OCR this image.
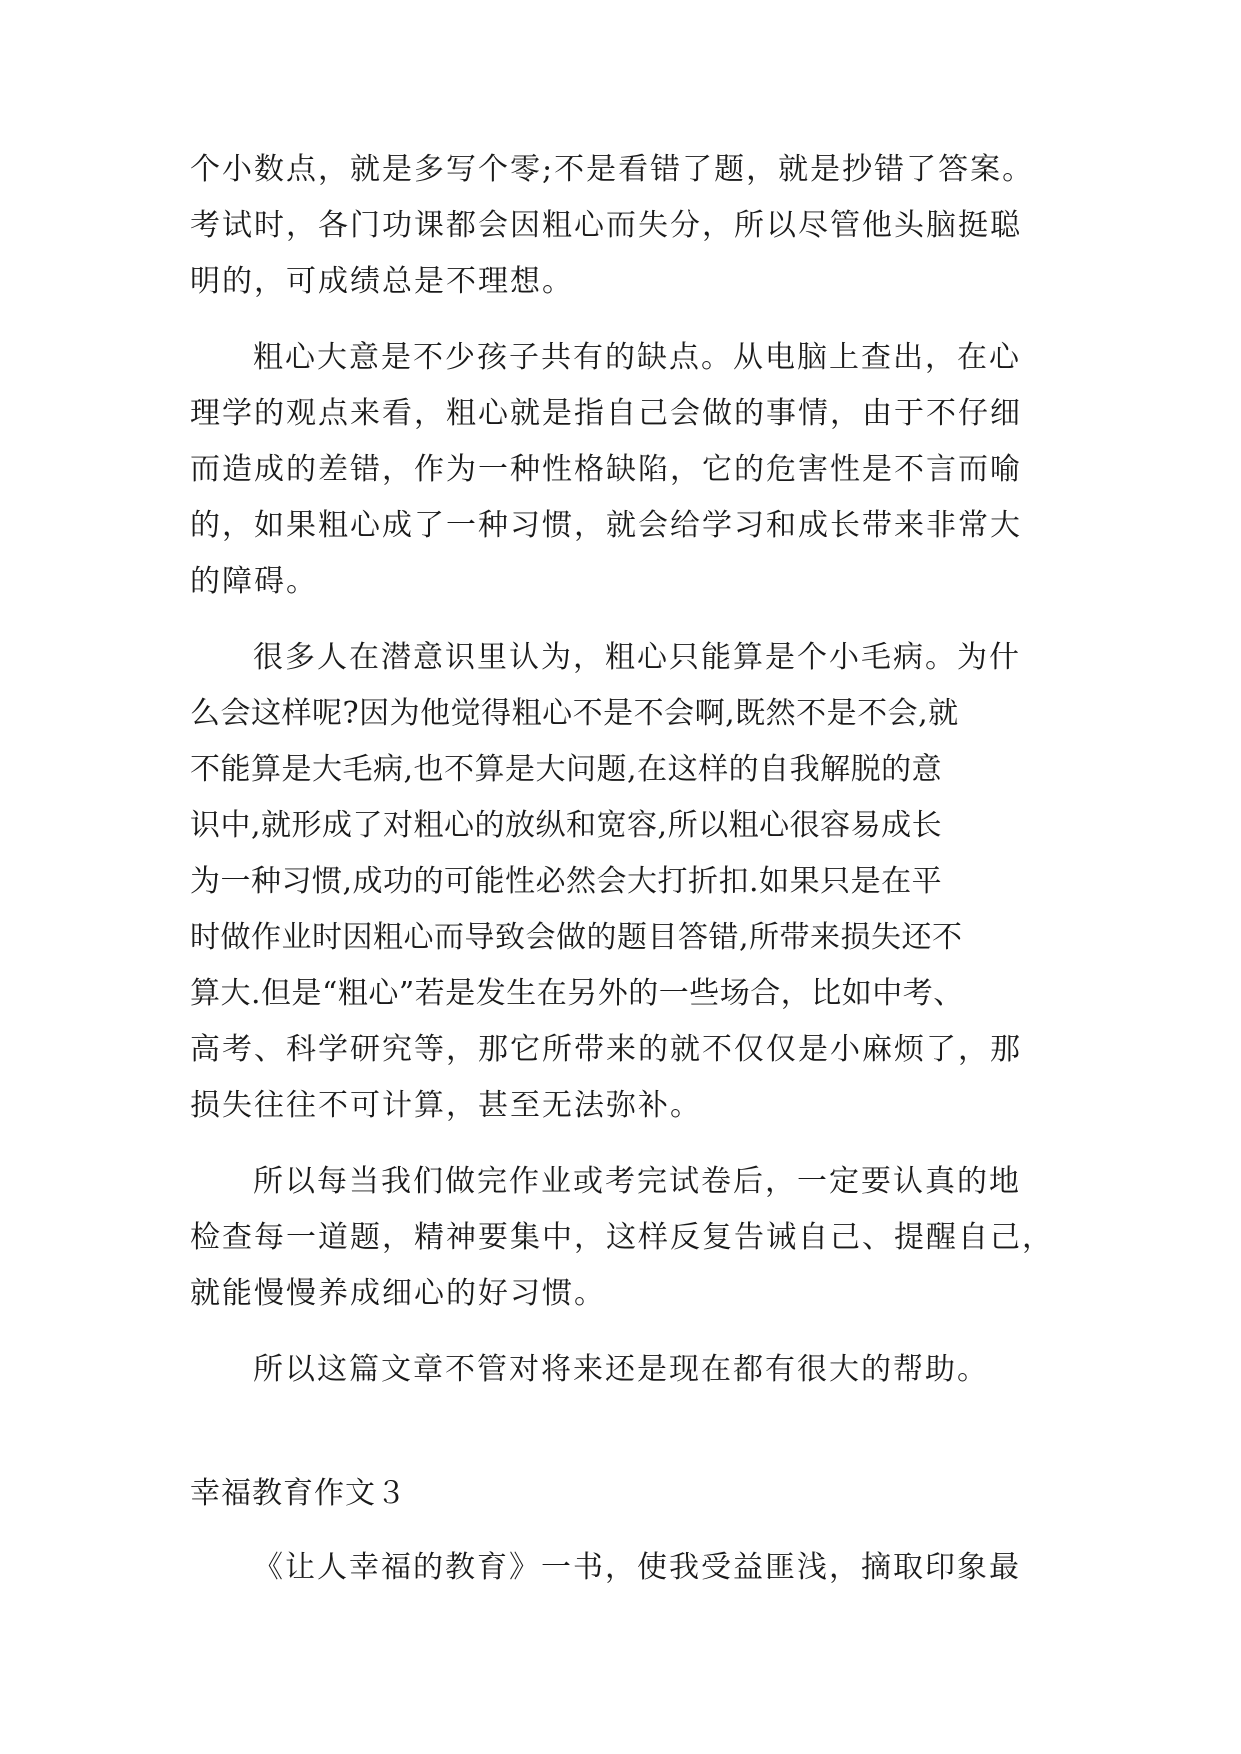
个小数点，就是多写个零;不是看错了题，就是抄错了答案。
考试时，各门功课都会因粗心而失分，所以尽管他头脑挺聪
明的，可成绩总是不理想。
粗心大意是不少孩子共有的缺点。从电脑上查出，在心
理学的观点来看，粗心就是指自己会做的事情，由于不仔细
而造成的差错，作为一种性格缺陷，它的危害性是不言而喻
的，如果粗心成了一种习惯，就会给学习和成长带来非常大
的障碍。
很多人在潜意识里认为，粗心只能算是个小毛病。为什
么会这样呢?因为他觉得粗心不是不会啊,既然不是不会,就
不能算是大毛病,也不算是大问题,在这样的自我解脱的意
识中,就形成了对粗心的放纵和宽容,所以粗心很容易成长
为一种习惯,成功的可能性必然会大打折扣.如果只是在平
时做作业时因粗心而导致会做的题目答错,所带来损失还不
算大.但是“粗心”若是发生在另外的一些场合，比如中考、
高考、科学研究等，那它所带来的就不仅仅是小麻烦了，那
损失往往不可计算，甚至无法弥补。
所以每当我们做完作业或考完试卷后，一定要认真的地
检查每一道题，精神要集中，这样反复告诫自己、提醒自己，
就能慢慢养成细心的好习惯。
所以这篇文章不管对将来还是现在都有很大的帮助。
幸福教育作文３
《让人幸福的教育》一书，使我受益匪浅，摘取印象最
